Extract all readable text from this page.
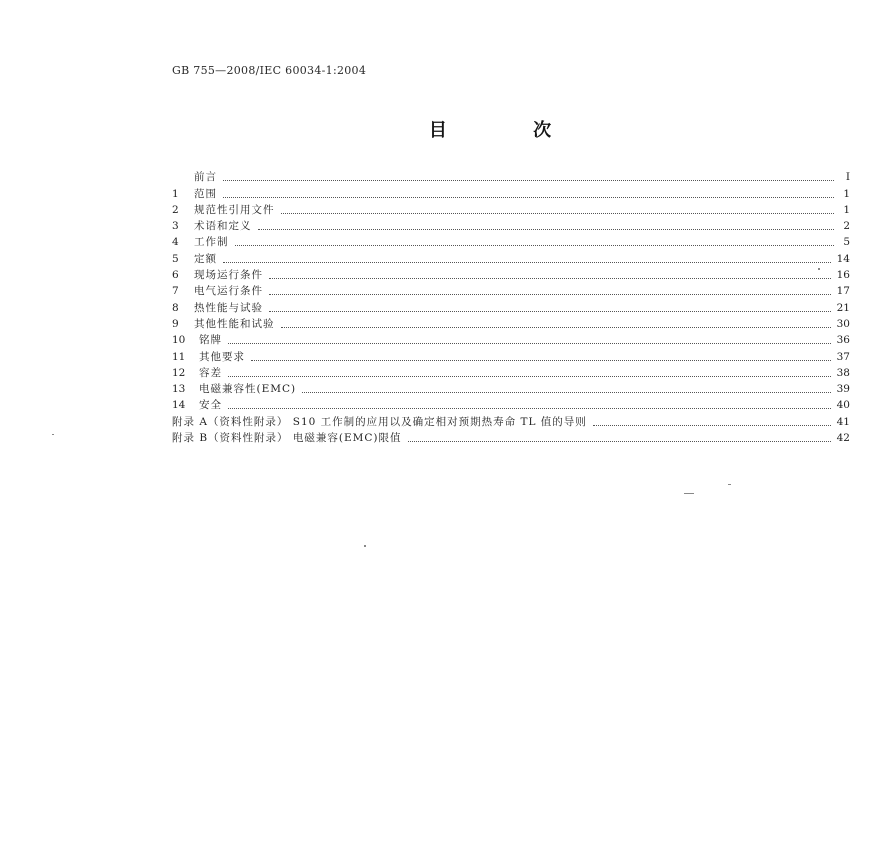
GB 755—2008/IEC 60034-1:2004
目 次
前言	I
1	范围	1
2	规范性引用文件	1
3	术语和定义	2
4	工作制	5
5	定额	14
6	现场运行条件	16
7	电气运行条件	17
8	热性能与试验	21
9	其他性能和试验	30
10	铭牌	36
11	其他要求	37
12	容差	38
13	电磁兼容性(EMC)	39
14	安全	40
附录 A（资料性附录） S10 工作制的应用以及确定相对预期热寿命 TL 值的导则	41
附录 B（资料性附录） 电磁兼容(EMC)限值	42
